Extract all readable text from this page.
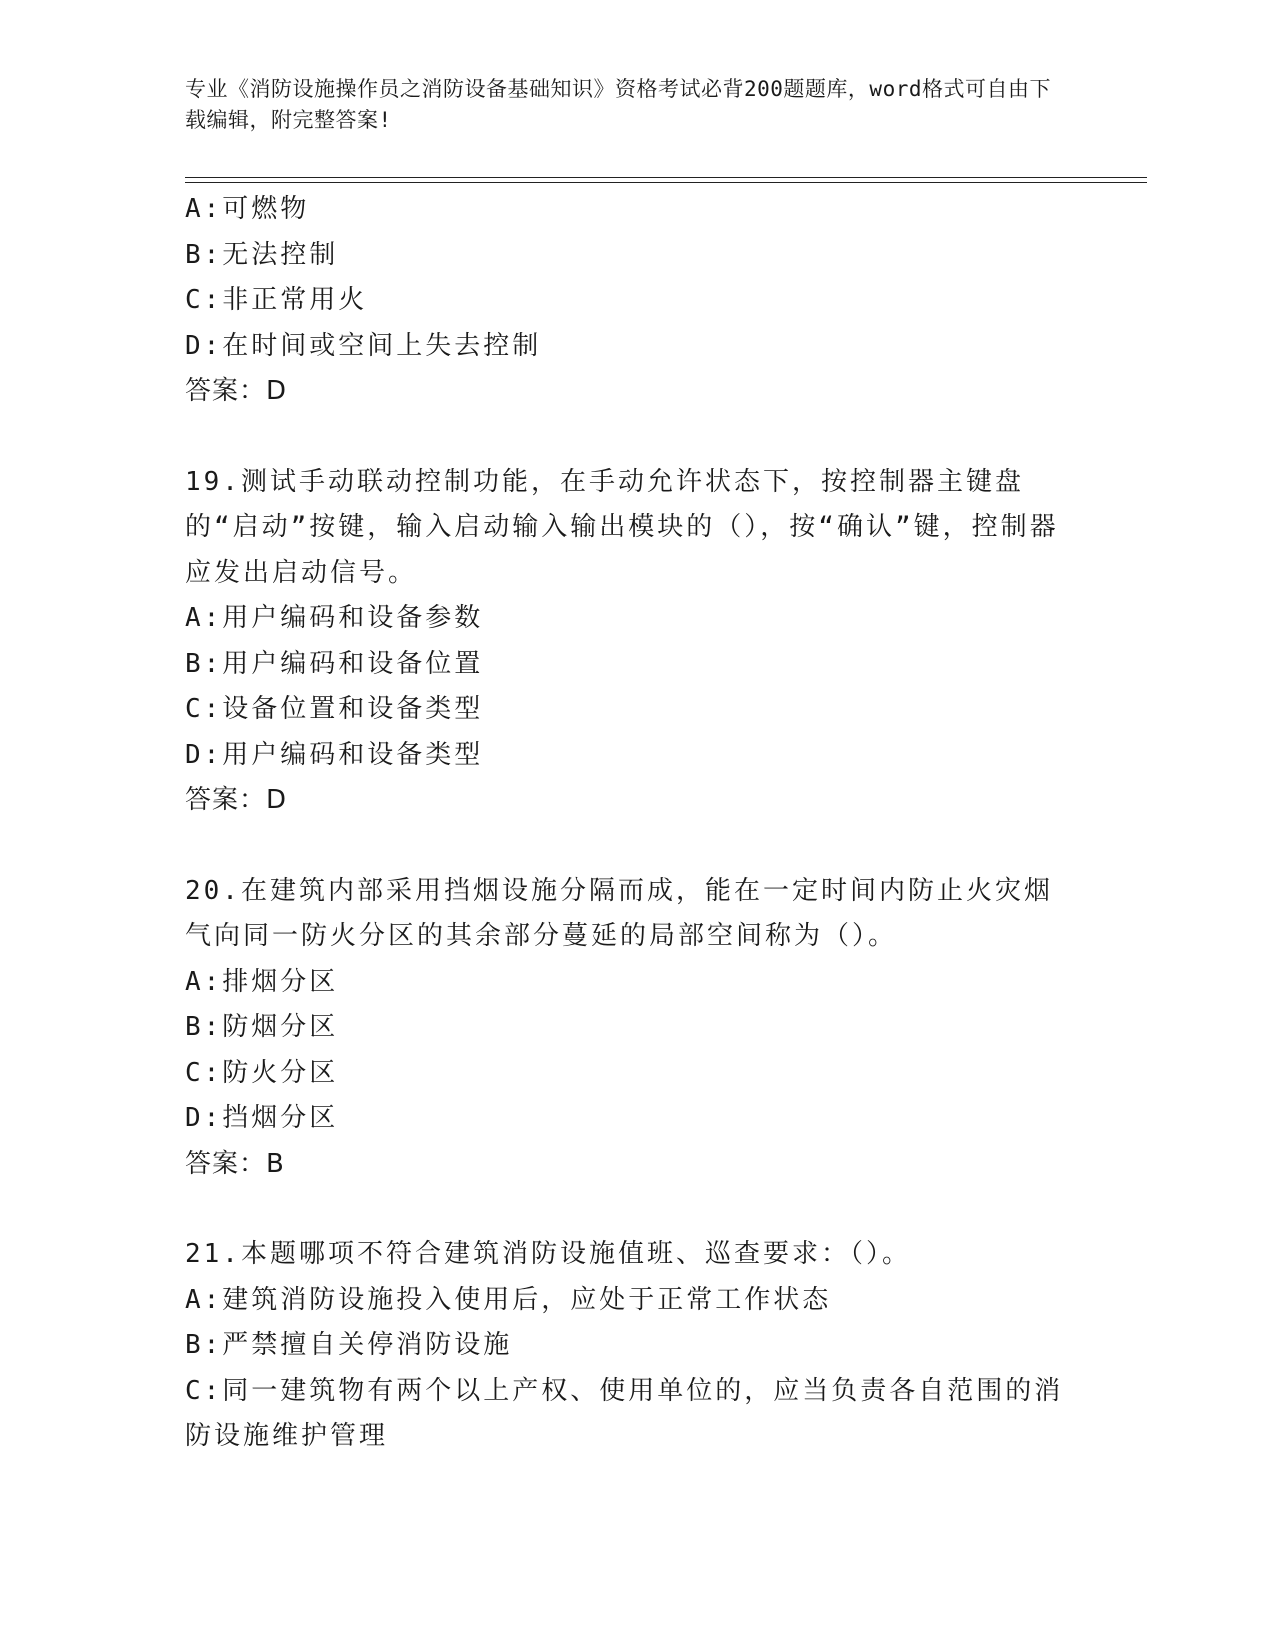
专业《消防设施操作员之消防设备基础知识》资格考试必背200题题库，word格式可自由下载编辑，附完整答案!
A:可燃物
B:无法控制
C:非正常用火
D:在时间或空间上失去控制
答案：D
19.测试手动联动控制功能，在手动允许状态下，按控制器主键盘的“启动”按键，输入启动输入输出模块的（），按“确认”键，控制器应发出启动信号。
A:用户编码和设备参数
B:用户编码和设备位置
C:设备位置和设备类型
D:用户编码和设备类型
答案：D
20.在建筑内部采用挡烟设施分隔而成，能在一定时间内防止火灾烟气向同一防火分区的其余部分蔓延的局部空间称为（）。
A:排烟分区
B:防烟分区
C:防火分区
D:挡烟分区
答案：B
21.本题哪项不符合建筑消防设施值班、巡查要求：（）。
A:建筑消防设施投入使用后，应处于正常工作状态
B:严禁擅自关停消防设施
C:同一建筑物有两个以上产权、使用单位的，应当负责各自范围的消防设施维护管理
